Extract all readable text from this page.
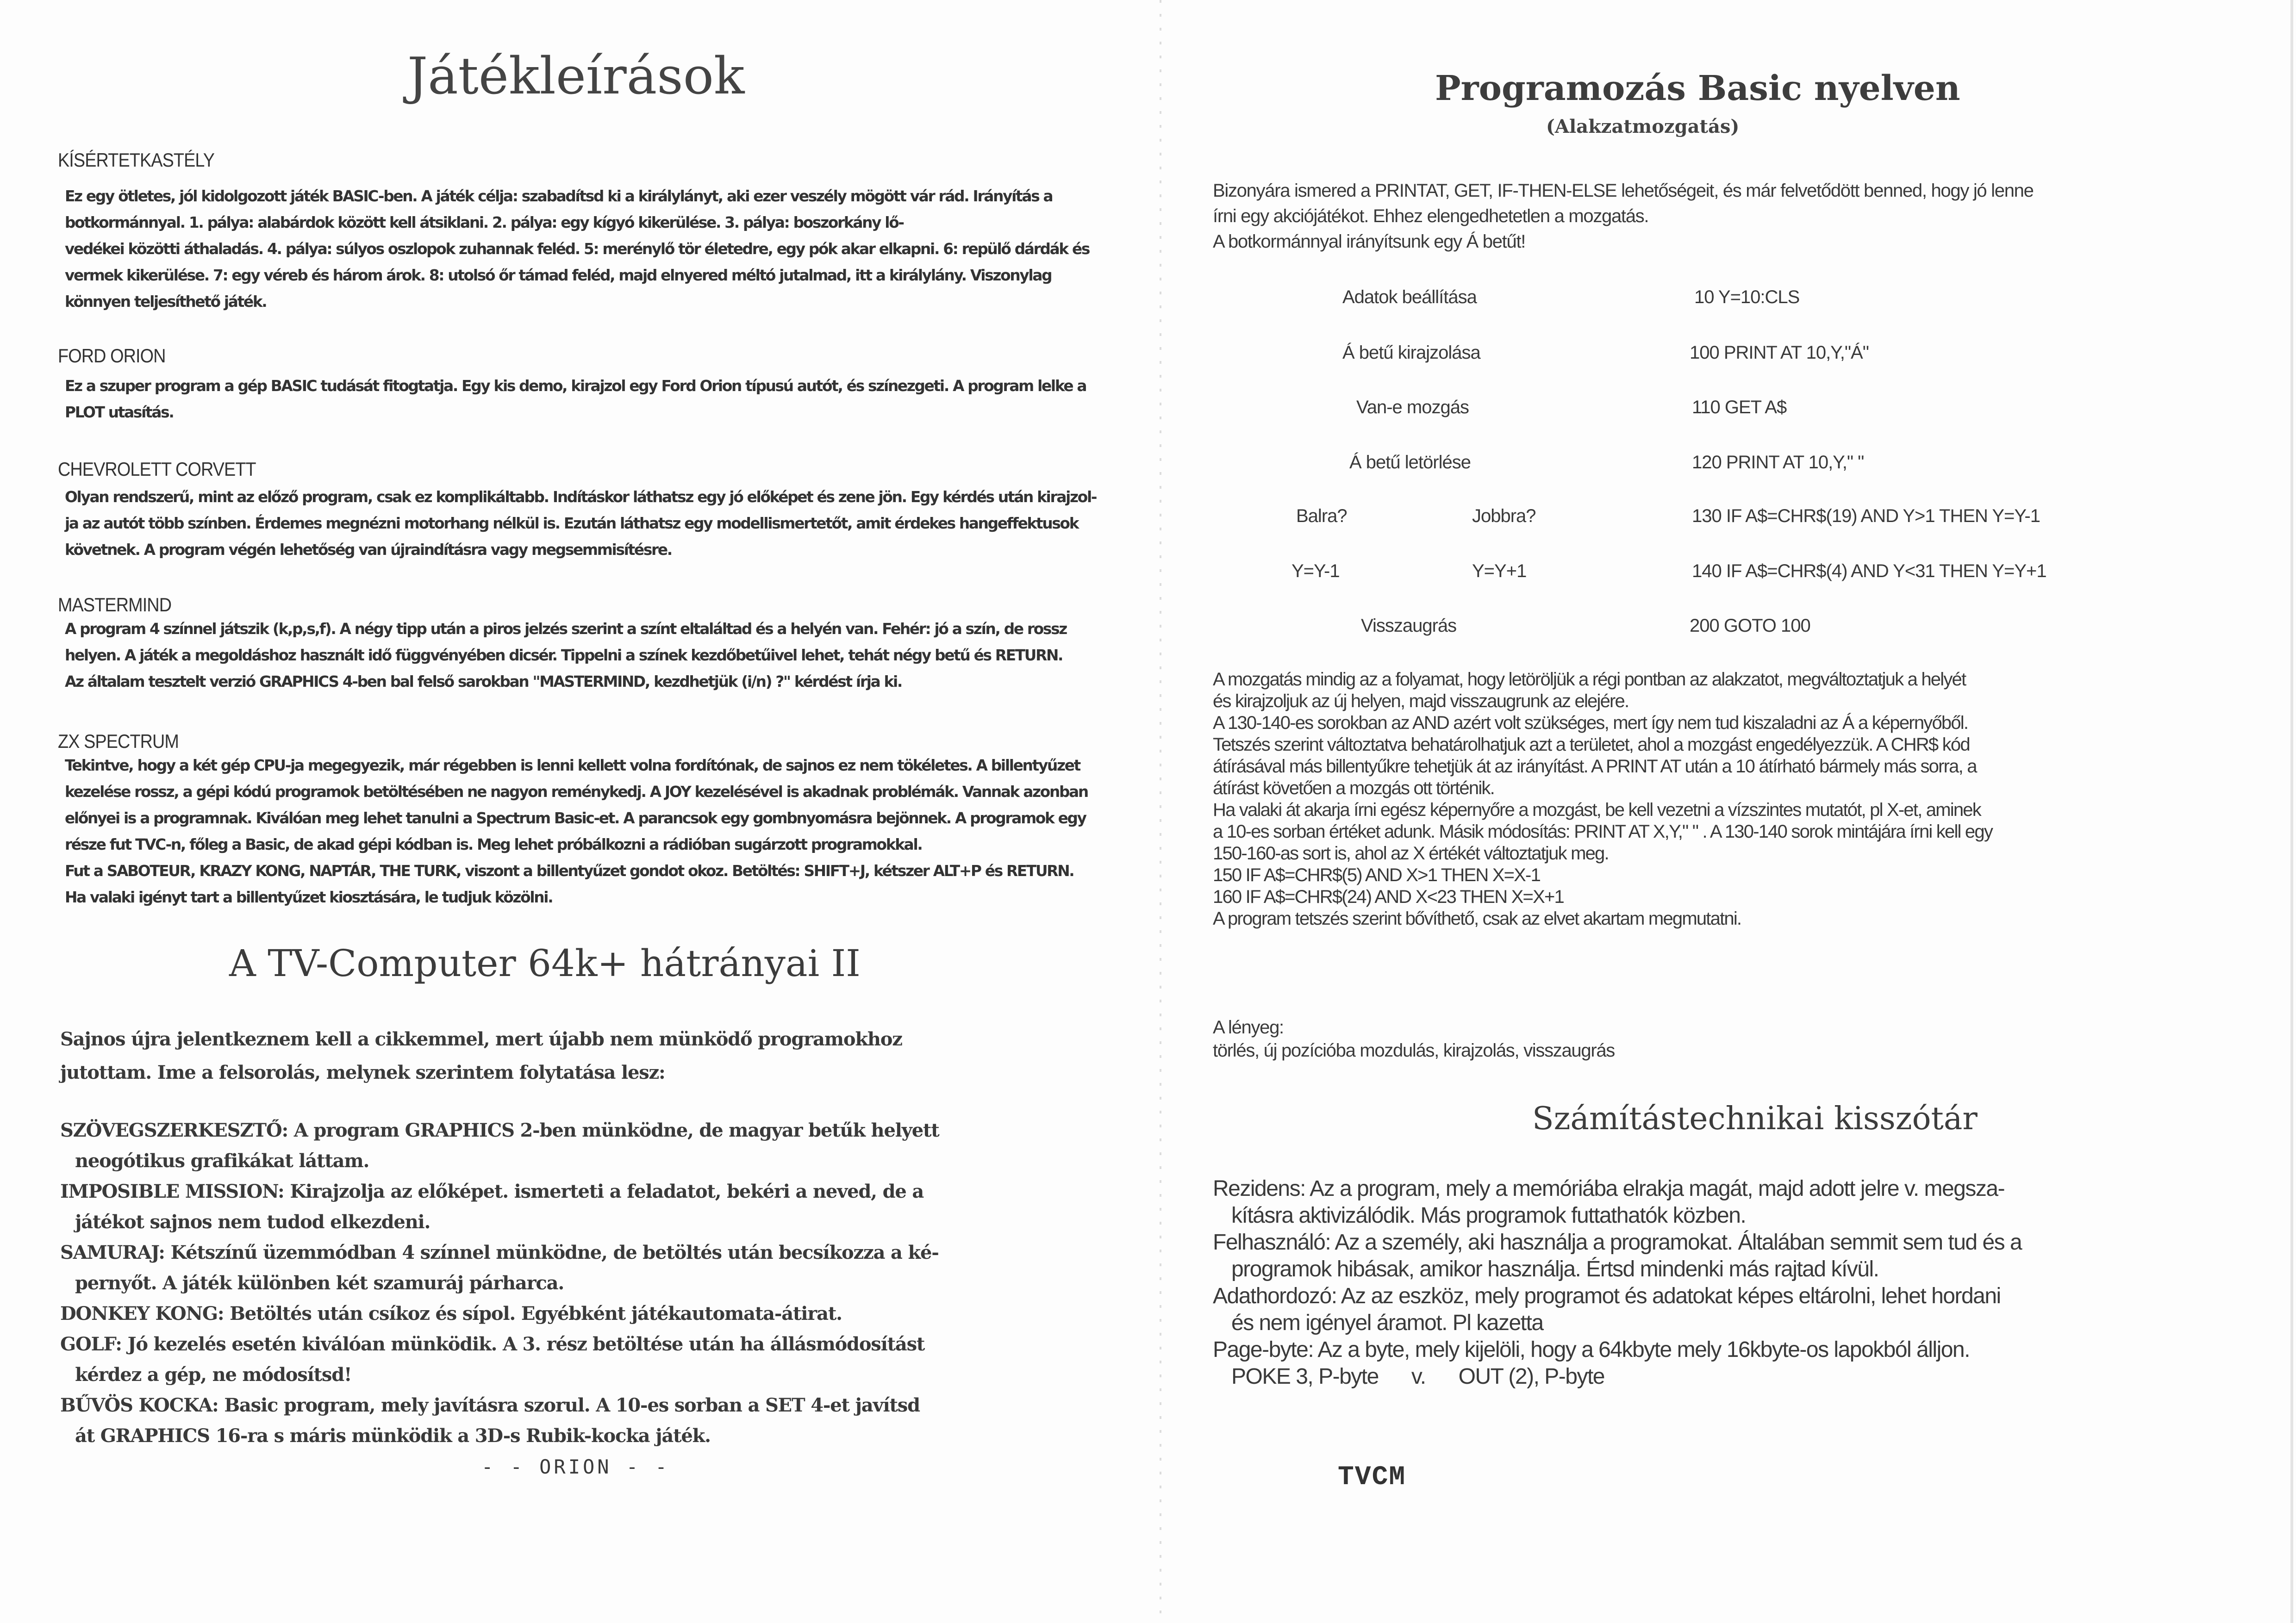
Játékleírások
KÍSÉRTETKASTÉLY
Ez egy ötletes, jól kidolgozott játék BASIC-ben. A játék célja: szabadítsd ki a királylányt, aki ezer veszély mögött vár rád. Irányítás a
botkormánnyal. 1. pálya: alabárdok között kell átsiklani. 2. pálya: egy kígyó kikerülése. 3. pálya: boszorkány lő-
vedékei közötti áthaladás. 4. pálya: súlyos oszlopok zuhannak feléd. 5: merénylő tör életedre, egy pók akar elkapni. 6: repülő dárdák és
vermek kikerülése. 7: egy véreb és három árok. 8: utolsó őr támad feléd, majd elnyered méltó jutalmad, itt a királylány. Viszonylag
könnyen teljesíthető játék.
FORD ORION
Ez a szuper program a gép BASIC tudását fitogtatja. Egy kis demo, kirajzol egy Ford Orion típusú autót, és színezgeti. A program lelke a
PLOT utasítás.
CHEVROLETT CORVETT
Olyan rendszerű, mint az előző program, csak ez komplikáltabb. Indításkor láthatsz egy jó előképet és zene jön. Egy kérdés után kirajzol-
ja az autót több színben. Érdemes megnézni motorhang nélkül is. Ezután láthatsz egy modellismertetőt, amit érdekes hangeffektusok
követnek. A program végén lehetőség van újraindításra vagy megsemmisítésre.
MASTERMIND
A program 4 színnel játszik (k,p,s,f). A négy tipp után a piros jelzés szerint a színt eltaláltad és a helyén van. Fehér: jó a szín, de rossz
helyen. A játék a megoldáshoz használt idő függvényében dicsér. Tippelni a színek kezdőbetűivel lehet, tehát négy betű és RETURN.
Az általam tesztelt verzió GRAPHICS 4-ben bal felső sarokban "MASTERMIND, kezdhetjük (i/n) ?" kérdést írja ki.
ZX SPECTRUM
Tekintve, hogy a két gép CPU-ja megegyezik, már régebben is lenni kellett volna fordítónak, de sajnos ez nem tökéletes. A billentyűzet
kezelése rossz, a gépi kódú programok betöltésében ne nagyon reménykedj. A JOY kezelésével is akadnak problémák. Vannak azonban
előnyei is a programnak. Kiválóan meg lehet tanulni a Spectrum Basic-et. A parancsok egy gombnyomásra bejönnek. A programok egy
része fut TVC-n, főleg a Basic, de akad gépi kódban is. Meg lehet próbálkozni a rádióban sugárzott programokkal.
Fut a SABOTEUR, KRAZY KONG, NAPTÁR, THE TURK, viszont a billentyűzet gondot okoz. Betöltés: SHIFT+J, kétszer ALT+P és RETURN.
Ha valaki igényt tart a billentyűzet kiosztására, le tudjuk közölni.
A TV-Computer 64k+ hátrányai II
Sajnos újra jelentkeznem kell a cikkemmel, mert újabb nem münködő programokhoz
jutottam. Ime a felsorolás, melynek szerintem folytatása lesz:
SZÖVEGSZERKESZTŐ: A program GRAPHICS 2-ben münködne, de magyar betűk helyett
neogótikus grafikákat láttam.
IMPOSIBLE MISSION: Kirajzolja az előképet. ismerteti a feladatot, bekéri a neved, de a
játékot sajnos nem tudod elkezdeni.
SAMURAJ: Kétszínű üzemmódban 4 színnel münködne, de betöltés után becsíkozza a ké-
pernyőt. A játék különben két szamuráj párharca.
DONKEY KONG: Betöltés után csíkoz és sípol. Egyébként játékautomata-átirat.
GOLF: Jó kezelés esetén kiválóan münködik. A 3. rész betöltése után ha állásmódosítást
kérdez a gép, ne módosítsd!
BŰVÖS KOCKA: Basic program, mely javításra szorul. A 10-es sorban a SET 4-et javítsd
át GRAPHICS 16-ra s máris münködik a 3D-s Rubik-kocka játék.
- - ORION - -
Programozás Basic nyelven
(Alakzatmozgatás)
Bizonyára ismered a PRINTAT, GET, IF-THEN-ELSE lehetőségeit, és már felvetődött benned, hogy jó lenne
írni egy akciójátékot. Ehhez elengedhetetlen a mozgatás.
A botkormánnyal irányítsunk egy Á betűt!
Adatok beállítása
Á betű kirajzolása
Van-e mozgás
Á betű letörlése
Balra?	Jobbra?
Y=Y-1	Y=Y+1
Visszaugrás
10 Y=10:CLS
100 PRINT AT 10,Y,"Á"
110 GET A$
120 PRINT AT 10,Y," "
130 IF A$=CHR$(19) AND Y>1 THEN Y=Y-1
140 IF A$=CHR$(4) AND Y<31 THEN Y=Y+1
200 GOTO 100
A mozgatás mindig az a folyamat, hogy letöröljük a régi pontban az alakzatot, megváltoztatjuk a helyét
és kirajzoljuk az új helyen, majd visszaugrunk az elejére.
A 130-140-es sorokban az AND azért volt szükséges, mert így nem tud kiszaladni az Á a képernyőből.
Tetszés szerint változtatva behatárolhatjuk azt a területet, ahol a mozgást engedélyezzük. A CHR$ kód
átírásával más billentyűkre tehetjük át az irányítást. A PRINT AT után a 10 átírható bármely más sorra, a
átírást követően a mozgás ott történik.
Ha valaki át akarja írni egész képernyőre a mozgást, be kell vezetni a vízszintes mutatót, pl X-et, aminek
a 10-es sorban értéket adunk. Másik módosítás: PRINT AT X,Y," " . A 130-140 sorok mintájára írni kell egy
150-160-as sort is, ahol az X értékét változtatjuk meg.
150 IF A$=CHR$(5) AND X>1 THEN X=X-1
160 IF A$=CHR$(24) AND X<23 THEN X=X+1
A program tetszés szerint bővíthető, csak az elvet akartam megmutatni.
A lényeg:
törlés, új pozícióba mozdulás, kirajzolás, visszaugrás
Számítástechnikai kisszótár
Rezidens: Az a program, mely a memóriába elrakja magát, majd adott jelre v. megsza-
kításra aktivizálódik. Más programok futtathatók közben.
Felhasználó: Az a személy, aki használja a programokat. Általában semmit sem tud és a
programok hibásak, amikor használja. Értsd mindenki más rajtad kívül.
Adathordozó: Az az eszköz, mely programot és adatokat képes eltárolni, lehet hordani
és nem igényel áramot. Pl kazetta
Page-byte: Az a byte, mely kijelöli, hogy a 64kbyte mely 16kbyte-os lapokból álljon.
POKE 3, P-byte      v.      OUT (2), P-byte
TVCM
